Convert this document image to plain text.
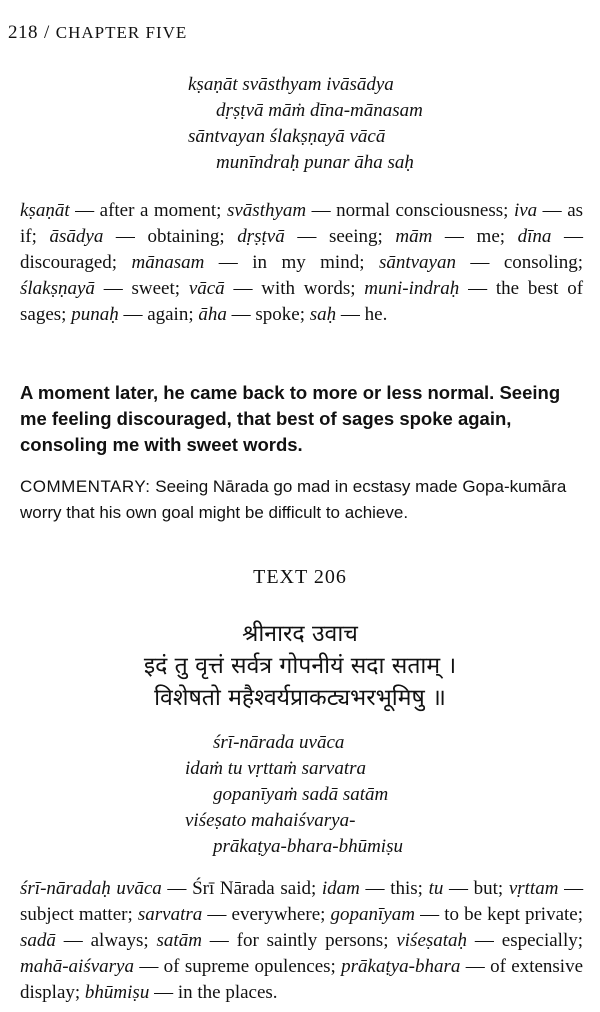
218 / CHAPTER FIVE
kṣaṇāt svāsthyam ivāsādya
dṛṣṭvā māṁ dīna-mānasam
sāntvayan ślakṣṇayā vācā
munīndraḥ punar āha saḥ
kṣaṇāt — after a moment; svāsthyam — normal consciousness; iva — as if; āsādya — obtaining; dṛṣṭvā — seeing; mām — me; dīna — discouraged; mānasam — in my mind; sāntvayan — consoling; ślakṣṇayā — sweet; vācā — with words; muni-indraḥ — the best of sages; punaḥ — again; āha — spoke; saḥ — he.
A moment later, he came back to more or less normal. Seeing me feeling discouraged, that best of sages spoke again, consoling me with sweet words.
COMMENTARY: Seeing Nārada go mad in ecstasy made Gopa-kumāra worry that his own goal might be difficult to achieve.
TEXT 206
श्रीनारद उवाच
इदं तु वृत्तं सर्वत्र गोपनीयं सदा सताम् ।
विशेषतो महैश्वर्यप्राकट्यभरभूमिषु ॥
śrī-nārada uvāca
idaṁ tu vṛttaṁ sarvatra
gopanīyaṁ sadā satām
viśeṣato mahaiśvarya-
prākaṭya-bhara-bhūmiṣu
śrī-nāradaḥ uvāca — Śrī Nārada said; idam — this; tu — but; vṛttam — subject matter; sarvatra — everywhere; gopanīyam — to be kept private; sadā — always; satām — for saintly persons; viśeṣataḥ — especially; mahā-aiśvarya — of supreme opulences; prākaṭya-bhara — of extensive display; bhūmiṣu — in the places.
